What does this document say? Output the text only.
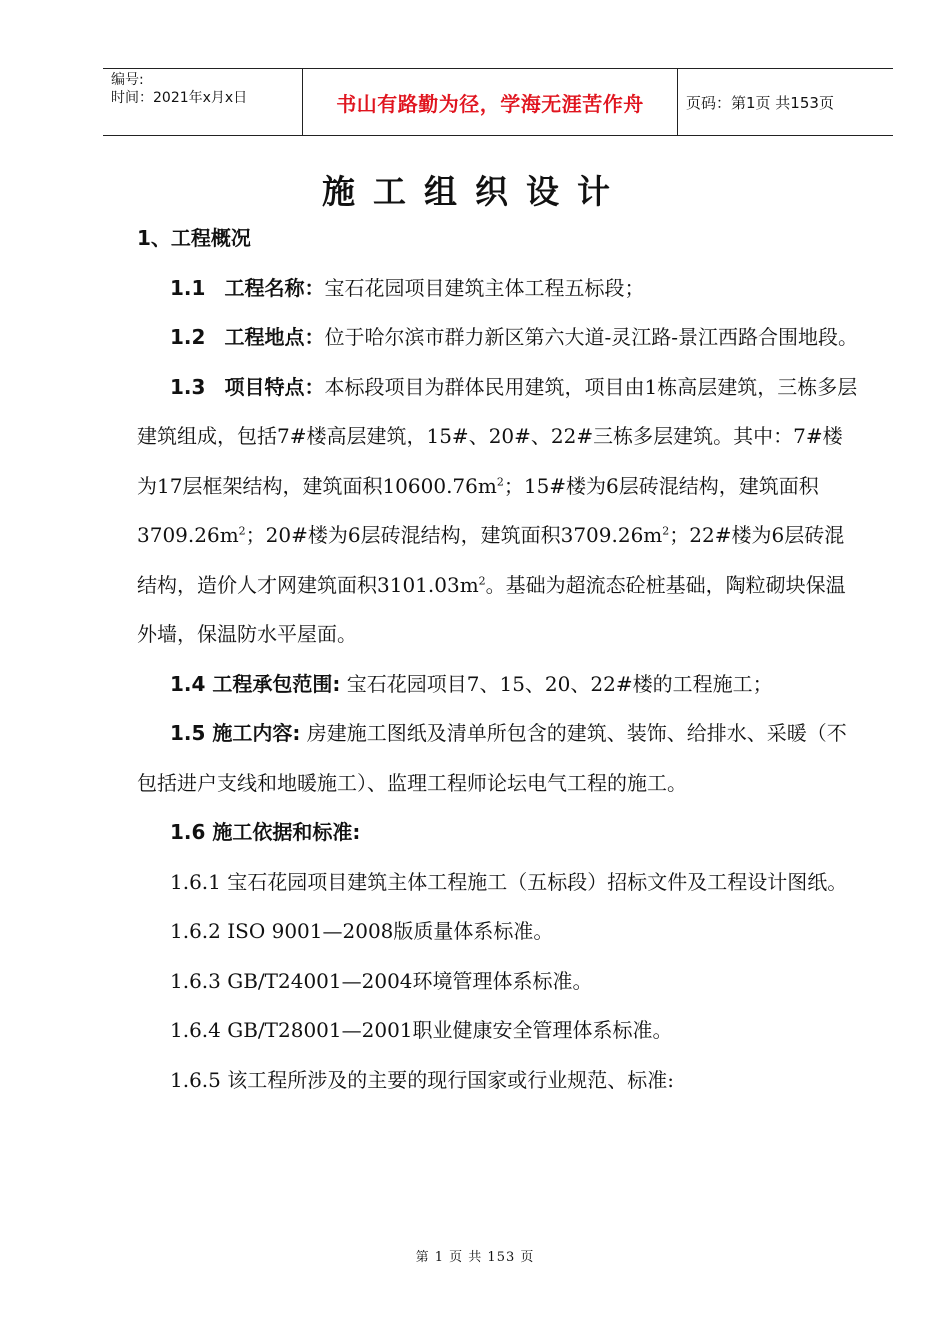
编号:
时间：2021年x月x日	书山有路勤为径，学海无涯苦作舟	页码：第1页 共153页
施工组织设计

1、工程概况

1.1 工程名称：宝石花园项目建筑主体工程五标段；

1.2 工程地点：位于哈尔滨市群力新区第六大道-灵江路-景江西路合围地段。

1.3 项目特点：本标段项目为群体民用建筑，项目由1栋高层建筑，三栋多层建筑组成，包括7#楼高层建筑，15#、20#、22#三栋多层建筑。其中：7#楼为17层框架结构，建筑面积$10600.76m^2$；15#楼为6层砖混结构，建筑面积$3709.26m^2$；20#楼为6层砖混结构，建筑面积$3709.26m^2$；22#楼为6层砖混结构，造价人才网建筑面积$3101.03m^2$。基础为超流态砼桩基础，陶粒砌块保温外墙，保温防水平屋面。

1.4 工程承包范围: 宝石花园项目7、15、20、22#楼的工程施工；

1.5 施工内容: 房建施工图纸及清单所包含的建筑、装饰、给排水、采暖（不包括进户支线和地暖施工）、监理工程师论坛电气工程的施工。

1.6 施工依据和标准:

1.6.1 宝石花园项目建筑主体工程施工（五标段）招标文件及工程设计图纸。

1.6.2 ISO 9001—2008版质量体系标准。

1.6.3 GB/T24001—2004环境管理体系标准。

1.6.4 GB/T28001—2001职业健康安全管理体系标准。

1.6.5 该工程所涉及的主要的现行国家或行业规范、标准:

第 1 页 共 153 页
